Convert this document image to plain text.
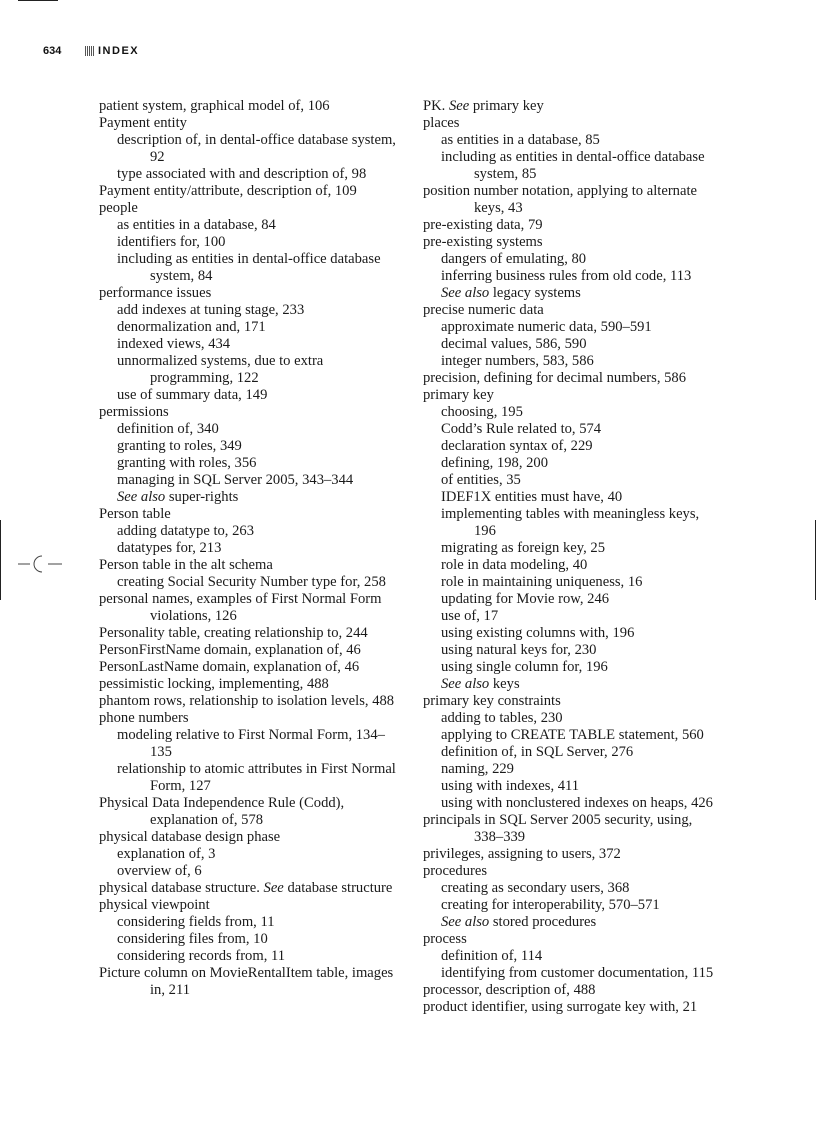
634	INDEX
patient system, graphical model of, 106
Payment entity
description of, in dental-office database system, 92
type associated with and description of, 98
Payment entity/attribute, description of, 109
people
as entities in a database, 84
identifiers for, 100
including as entities in dental-office database system, 84
performance issues
add indexes at tuning stage, 233
denormalization and, 171
indexed views, 434
unnormalized systems, due to extra programming, 122
use of summary data, 149
permissions
definition of, 340
granting to roles, 349
granting with roles, 356
managing in SQL Server 2005, 343–344
See also super-rights
Person table
adding datatype to, 263
datatypes for, 213
Person table in the alt schema
creating Social Security Number type for, 258
personal names, examples of First Normal Form violations, 126
Personality table, creating relationship to, 244
PersonFirstName domain, explanation of, 46
PersonLastName domain, explanation of, 46
pessimistic locking, implementing, 488
phantom rows, relationship to isolation levels, 488
phone numbers
modeling relative to First Normal Form, 134–135
relationship to atomic attributes in First Normal Form, 127
Physical Data Independence Rule (Codd), explanation of, 578
physical database design phase
explanation of, 3
overview of, 6
physical database structure. See database structure
physical viewpoint
considering fields from, 11
considering files from, 10
considering records from, 11
Picture column on MovieRentalItem table, images in, 211
PK. See primary key
places
as entities in a database, 85
including as entities in dental-office database system, 85
position number notation, applying to alternate keys, 43
pre-existing data, 79
pre-existing systems
dangers of emulating, 80
inferring business rules from old code, 113
See also legacy systems
precise numeric data
approximate numeric data, 590–591
decimal values, 586, 590
integer numbers, 583, 586
precision, defining for decimal numbers, 586
primary key
choosing, 195
Codd’s Rule related to, 574
declaration syntax of, 229
defining, 198, 200
of entities, 35
IDEF1X entities must have, 40
implementing tables with meaningless keys, 196
migrating as foreign key, 25
role in data modeling, 40
role in maintaining uniqueness, 16
updating for Movie row, 246
use of, 17
using existing columns with, 196
using natural keys for, 230
using single column for, 196
See also keys
primary key constraints
adding to tables, 230
applying to CREATE TABLE statement, 560
definition of, in SQL Server, 276
naming, 229
using with indexes, 411
using with nonclustered indexes on heaps, 426
principals in SQL Server 2005 security, using, 338–339
privileges, assigning to users, 372
procedures
creating as secondary users, 368
creating for interoperability, 570–571
See also stored procedures
process
definition of, 114
identifying from customer documentation, 115
processor, description of, 488
product identifier, using surrogate key with, 21
